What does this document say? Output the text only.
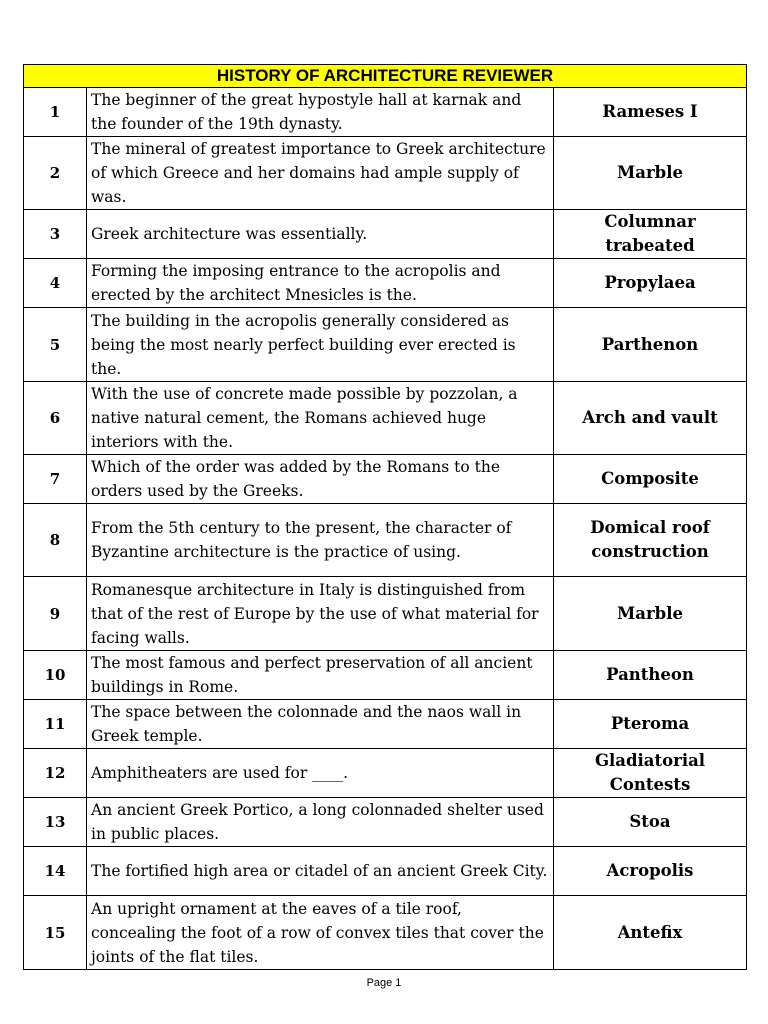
HISTORY OF ARCHITECTURE REVIEWER		
1	The beginner of the great hypostyle hall at karnak and the founder of the 19th dynasty.	Rameses I
2	The mineral of greatest importance to Greek architecture of which Greece and her domains had ample supply of was.	Marble
3	Greek architecture was essentially.	Columnar trabeated
4	Forming the imposing entrance to the acropolis and erected by the architect Mnesicles is the.	Propylaea
5	The building in the acropolis generally considered as being the most nearly perfect building ever erected is the.	Parthenon
6	With the use of concrete made possible by pozzolan, a native natural cement, the Romans achieved huge interiors with the.	Arch and vault
7	Which of the order was added by the Romans to the orders used by the Greeks.	Composite
8	From the 5th century to the present, the character of Byzantine architecture is the practice of using.	Domical roof construction
9	Romanesque architecture in Italy is distinguished from that of the rest of Europe by the use of what material for facing walls.	Marble
10	The most famous and perfect preservation of all ancient buildings in Rome.	Pantheon
11	The space between the colonnade and the naos wall in Greek temple.	Pteroma
12	Amphitheaters are used for ____.	Gladiatorial Contests
13	An ancient Greek Portico, a long colonnaded shelter used in public places.	Stoa
14	The fortified high area or citadel of an ancient Greek City.	Acropolis
15	An upright ornament at the eaves of a tile roof, concealing the foot of a row of convex tiles that cover the joints of the flat tiles.	Antefix
Page 1
